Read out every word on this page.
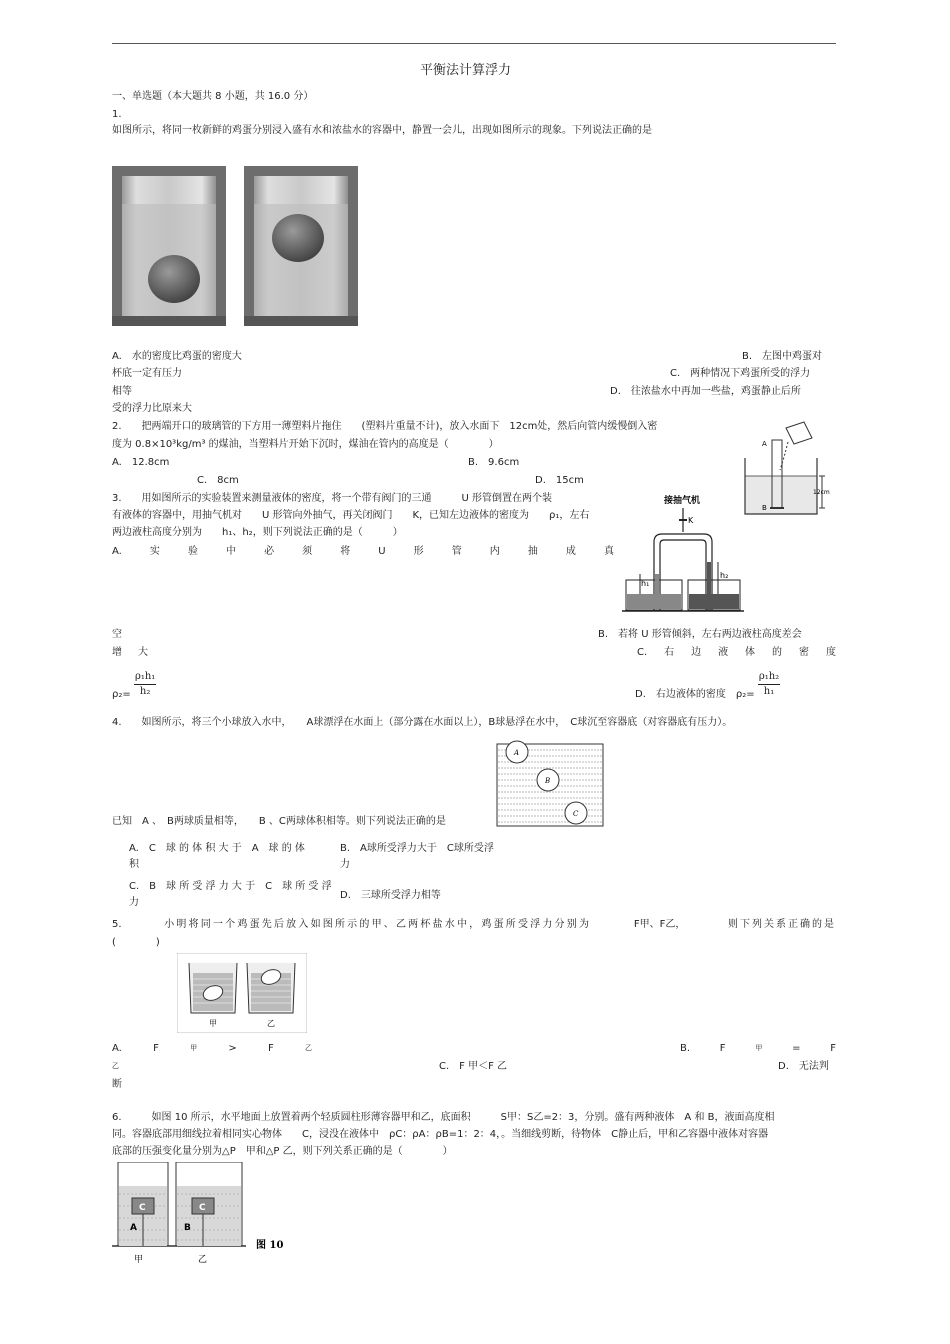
平衡法计算浮力
一、单选题（本大题共 8 小题，共 16.0 分）
1.
如图所示，将同一枚新鲜的鸡蛋分别浸入盛有水和浓盐水的容器中，静置一会儿，出现如图所示的现象。下列说法正确的是
A.　水的密度比鸡蛋的密度大	B.　左图中鸡蛋对
杯底一定有压力	C.　两种情况下鸡蛋所受的浮力
相等	D.　往浓盐水中再加一些盐，鸡蛋静止后所
受的浮力比原来大
2.　　把两端开口的玻璃管的下方用一薄塑料片拖住　　(塑料片重量不计)，放入水面下　12cm处，然后向管内缓慢倒入密
度为 0.8×10³kg/m³ 的煤油，当塑料片开始下沉时，煤油在管内的高度是（　　　　）
A.　12.8cm	B.　9.6cm
C.　8cm	D.　15cm
A
B
12cm
3.　　用如图所示的实验装置来测量液体的密度，将一个带有阀门的三通　　　U 形管倒置在两个装
有液体的容器中，用抽气机对　　U 形管向外抽气，再关闭阀门　　K，已知左边液体的密度为　　ρ₁，左右
两边液柱高度分别为　　h₁、h₂，则下列说法正确的是（　　　）
A.	实	验	中	必	须	将	U	形	管	内	抽	成	真
接抽气机
K
h₁
h₂
空	B.　若将 U 形管倾斜，左右两边液柱高度差会
增 大	C. 右 边 液 体 的 密 度
$\rho_2= \frac{\text{ρ₁h₁}}{\text{h₂}}$	D.　右边液体的密度　$\rho_2= \frac{\text{ρ₁h₂}}{\text{h₁}}$
4.　　如图所示，将三个小球放入水中，　　A球漂浮在水面上（部分露在水面以上），B球悬浮在水中，　C球沉至容器底（对容器底有压力）。
A
B
C
已知　A 、　B两球质量相等，　　B 、C两球体积相等。则下列说法正确的是
A.　C　球 的 体 积 大 于　A　球 的 体
积
B.　A球所受浮力大于　C球所受浮
力
C.　B　球 所 受 浮 力 大 于　C　球 所 受 浮
力
D.　三球所受浮力相等
5.	小明将同一个鸡蛋先后放入如图所示的甲、乙两杯盐水中，鸡蛋所受浮力分别为	F甲、F乙，	则下列关系正确的是
(　　　　)
甲	乙
A.	F	甲	>	F	乙	B.	F	甲	=	F
乙	C.　F 甲＜F 乙	D.　无法判
断
6.　　　如图 10 所示，水平地面上放置着两个轻质圆柱形薄容器甲和乙，底面积　　　S甲：S乙=2：3，分别。盛有两种液体　A 和 B，液面高度相
同。容器底部用细线拉着相同实心物体　　C，浸没在液体中　ρC：ρA：ρB=1：2：4，。当细线剪断，待物体　C静止后，甲和乙容器中液体对容器
底部的压强变化量分别为△P　甲和△P 乙，则下列关系正确的是（　　　　）
C
A
C
B
甲	乙
图 10
